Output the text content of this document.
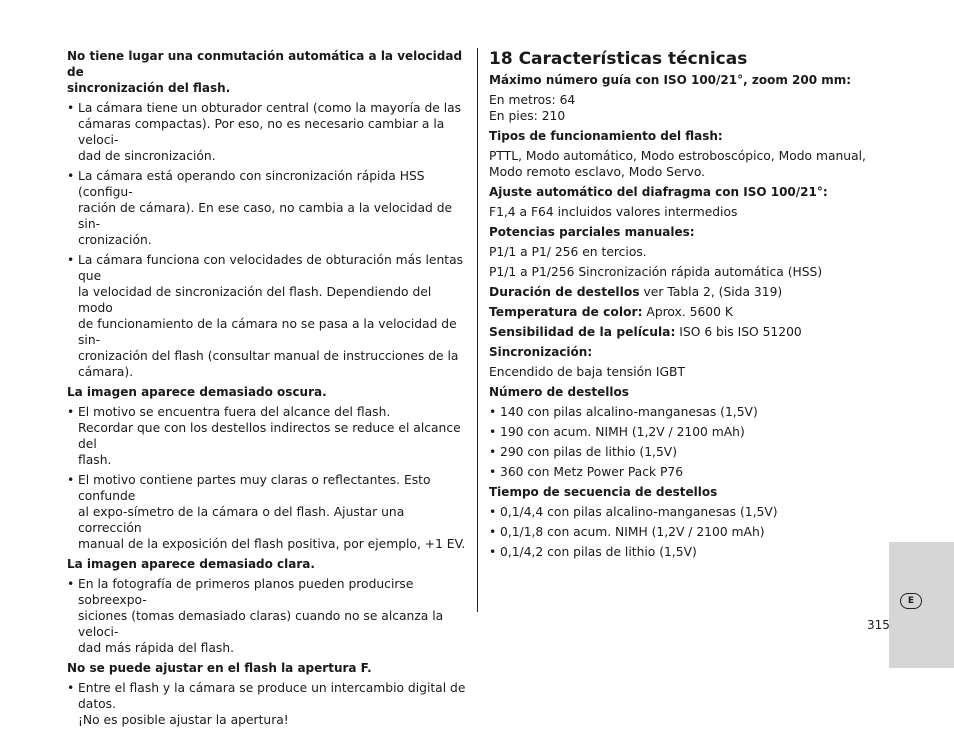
No tiene lugar una conmutación automática a la velocidad de
sincronización del flash.
• La cámara tiene un obturador central (como la mayoría de las
cámaras compactas). Por eso, no es necesario cambiar a la veloci-
dad de sincronización.
• La cámara está operando con sincronización rápida HSS (configu-
ración de cámara). En ese caso, no cambia a la velocidad de sin-
cronización.
• La cámara funciona con velocidades de obturación más lentas que
la velocidad de sincronización del flash. Dependiendo del modo
de funcionamiento de la cámara no se pasa a la velocidad de sin-
cronización del flash (consultar manual de instrucciones de la
cámara).
La imagen aparece demasiado oscura.
• El motivo se encuentra fuera del alcance del flash.
Recordar que con los destellos indirectos se reduce el alcance del
flash.
• El motivo contiene partes muy claras o reflectantes. Esto confunde
al expo-símetro de la cámara o del flash. Ajustar una corrección
manual de la exposición del flash positiva, por ejemplo, +1 EV.
La imagen aparece demasiado clara.
• En la fotografía de primeros planos pueden producirse sobreexpo-
siciones (tomas demasiado claras) cuando no se alcanza la veloci-
dad más rápida del flash.
No se puede ajustar en el flash la apertura F.
• Entre el flash y la cámara se produce un intercambio digital de
datos.
¡No es posible ajustar la apertura!
18 Características técnicas
Máximo número guía con ISO 100/21°, zoom 200 mm:

En metros: 64
En pies: 210

Tipos de funcionamiento del flash:

PTTL, Modo automático, Modo estroboscópico, Modo manual,
Modo remoto esclavo, Modo Servo.

Ajuste automático del diafragma con ISO 100/21°:

F1,4 a F64 incluidos valores intermedios

Potencias parciales manuales:

P1/1 a P1/ 256 en tercios.

P1/1 a P1/256 Sincronización rápida automática (HSS)

Duración de destellos ver Tabla 2, (Sida 319)

Temperatura de color: Aprox. 5600 K

Sensibilidad de la película: ISO 6 bis ISO 51200

Sincronización:

Encendido de baja tensión IGBT

Número de destellos
• 140 con pilas alcalino-manganesas (1,5V)
• 190 con acum. NIMH (1,2V / 2100 mAh)
• 290 con pilas de lithio (1,5V)
• 360 con Metz Power Pack P76
Tiempo de secuencia de destellos
• 0,1/4,4 con pilas alcalino-manganesas (1,5V)
• 0,1/1,8 con acum. NIMH (1,2V / 2100 mAh)
• 0,1/4,2 con pilas de lithio (1,5V)
E
315
